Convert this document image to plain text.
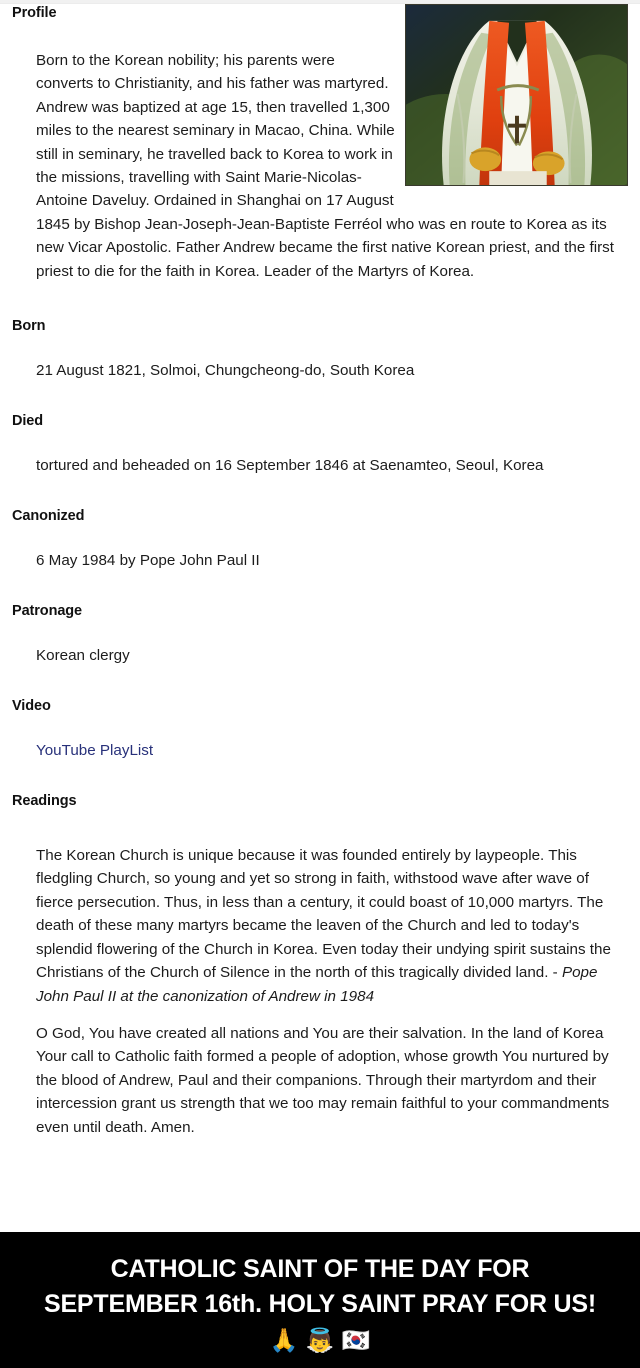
Profile

Born to the Korean nobility; his parents were converts to Christianity, and his father was martyred. Andrew was baptized at age 15, then travelled 1,300 miles to the nearest seminary in Macao, China. While still in seminary, he travelled back to Korea to work in the missions, travelling with Saint Marie-Nicolas-Antoine Daveluy. Ordained in Shanghai on 17 August 1845 by Bishop Jean-Joseph-Jean-Baptiste Ferréol who was en route to Korea as its new Vicar Apostolic. Father Andrew became the first native Korean priest, and the first priest to die for the faith in Korea. Leader of the Martyrs of Korea.

Born

21 August 1821, Solmoi, Chungcheong-do, South Korea

Died

tortured and beheaded on 16 September 1846 at Saenamteo, Seoul, Korea

Canonized

6 May 1984 by Pope John Paul II

Patronage

Korean clergy

Video

YouTube PlayList

Readings

The Korean Church is unique because it was founded entirely by laypeople. This fledgling Church, so young and yet so strong in faith, withstood wave after wave of fierce persecution. Thus, in less than a century, it could boast of 10,000 martyrs. The death of these many martyrs became the leaven of the Church and led to today's splendid flowering of the Church in Korea. Even today their undying spirit sustains the Christians of the Church of Silence in the north of this tragically divided land. - Pope John Paul II at the canonization of Andrew in 1984

O God, You have created all nations and You are their salvation. In the land of Korea Your call to Catholic faith formed a people of adoption, whose growth You nurtured by the blood of Andrew, Paul and their companions. Through their martyrdom and their intercession grant us strength that we too may remain faithful to your commandments even until death. Amen.

CATHOLIC SAINT OF THE DAY FOR
SEPTEMBER 16th. HOLY SAINT PRAY FOR US!
🙏 👼 🇰🇷
